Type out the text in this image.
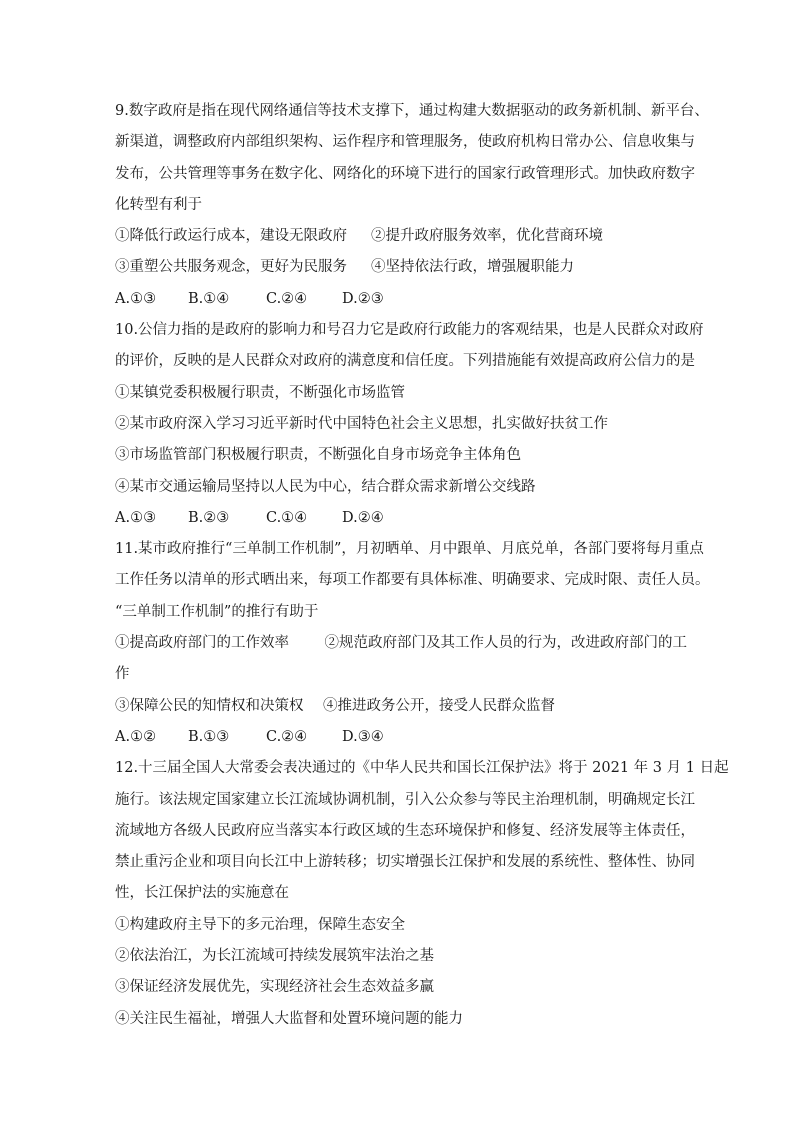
9.数字政府是指在现代网络通信等技术支撑下，通过构建大数据驱动的政务新机制、新平台、
新渠道，调整政府内部组织架构、运作程序和管理服务，使政府机构日常办公、信息收集与
发布，公共管理等事务在数字化、网络化的环境下进行的国家行政管理形式。加快政府数字
化转型有利于
①降低行政运行成本，建设无限政府	②提升政府服务效率，优化营商环境
③重塑公共服务观念，更好为民服务	④坚持依法行政，增强履职能力
A.①③	B.①④	C.②④	D.②③
10.公信力指的是政府的影响力和号召力它是政府行政能力的客观结果，也是人民群众对政府
的评价，反映的是人民群众对政府的满意度和信任度。下列措施能有效提高政府公信力的是
①某镇党委积极履行职责，不断强化市场监管
②某市政府深入学习习近平新时代中国特色社会主义思想，扎实做好扶贫工作
③市场监管部门积极履行职责，不断强化自身市场竞争主体角色
④某市交通运输局坚持以人民为中心，结合群众需求新增公交线路
A.①③	B.②③	C.①④	D.②④
11.某市政府推行“三单制工作机制”，月初晒单、月中跟单、月底兑单，各部门要将每月重点
工作任务以清单的形式晒出来，每项工作都要有具体标准、明确要求、完成时限、责任人员。
“三单制工作机制”的推行有助于
①提高政府部门的工作效率	②规范政府部门及其工作人员的行为，改进政府部门的工
作
③保障公民的知情权和决策权	④推进政务公开，接受人民群众监督
A.①②	B.①③	C.②④	D.③④
12.十三届全国人大常委会表决通过的《中华人民共和国长江保护法》将于 2021 年 3 月 1 日起
施行。该法规定国家建立长江流域协调机制，引入公众参与等民主治理机制，明确规定长江
流域地方各级人民政府应当落实本行政区域的生态环境保护和修复、经济发展等主体责任，
禁止重污企业和项目向长江中上游转移；切实增强长江保护和发展的系统性、整体性、协同
性，长江保护法的实施意在
①构建政府主导下的多元治理，保障生态安全
②依法治江，为长江流域可持续发展筑牢法治之基
③保证经济发展优先，实现经济社会生态效益多赢
④关注民生福祉，增强人大监督和处置环境问题的能力
